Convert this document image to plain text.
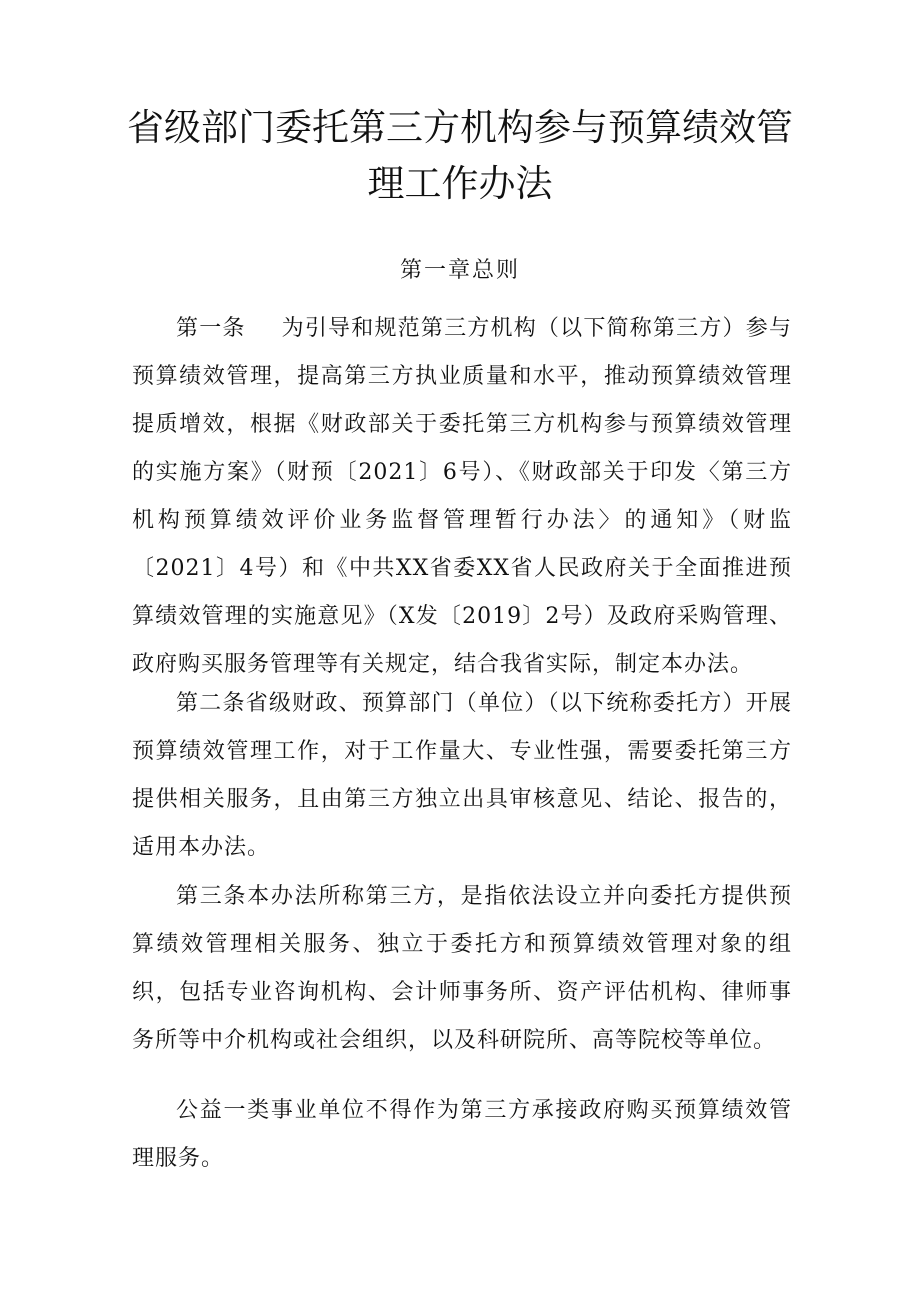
省级部门委托第三方机构参与预算绩效管理工作办法
第一章总则

第一条 为引导和规范第三方机构（以下简称第三方）参与预算绩效管理，提高第三方执业质量和水平，推动预算绩效管理提质增效，根据《财政部关于委托第三方机构参与预算绩效管理的实施方案》（财预〔2021〕6号）、《财政部关于印发〈第三方机构预算绩效评价业务监督管理暂行办法〉的通知》（财监〔2021〕4号）和《中共XX省委XX省人民政府关于全面推进预算绩效管理的实施意见》（X发〔2019〕2号）及政府采购管理、政府购买服务管理等有关规定，结合我省实际，制定本办法。

第二条省级财政、预算部门（单位）（以下统称委托方）开展预算绩效管理工作，对于工作量大、专业性强，需要委托第三方提供相关服务，且由第三方独立出具审核意见、结论、报告的，适用本办法。

第三条本办法所称第三方，是指依法设立并向委托方提供预算绩效管理相关服务、独立于委托方和预算绩效管理对象的组织，包括专业咨询机构、会计师事务所、资产评估机构、律师事务所等中介机构或社会组织，以及科研院所、高等院校等单位。

公益一类事业单位不得作为第三方承接政府购买预算绩效管理服务。
